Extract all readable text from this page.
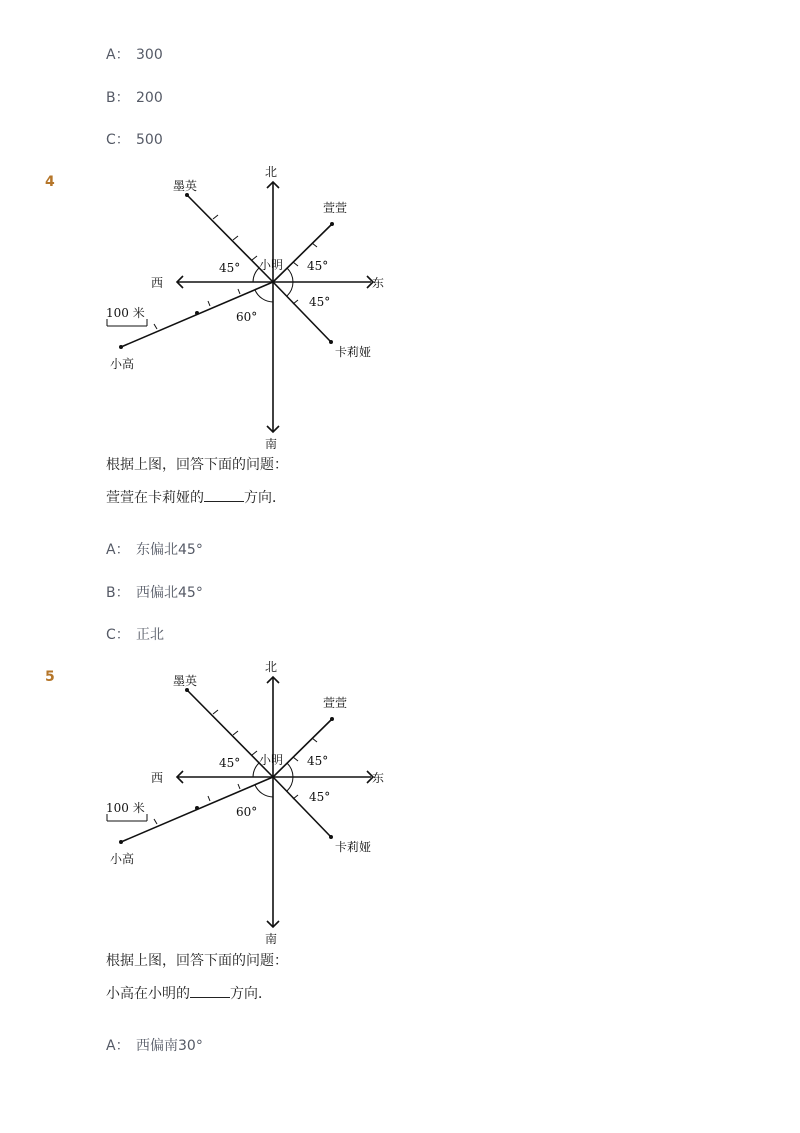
A： 300
B： 200
C： 500
4
北
南
东
西
小明
墨英
萱萱
卡莉娅
小高
45°	45°
45°
60°
100 米
根据上图，回答下面的问题：
萱萱在卡莉娅的	方向．
A： 东偏北45°
B： 西偏北45°
C： 正北
5
北
南
东
西
小明
墨英
萱萱
卡莉娅
小高
45°	45°
45°
60°
100 米
根据上图，回答下面的问题：
小高在小明的	方向．
A： 西偏南30°
